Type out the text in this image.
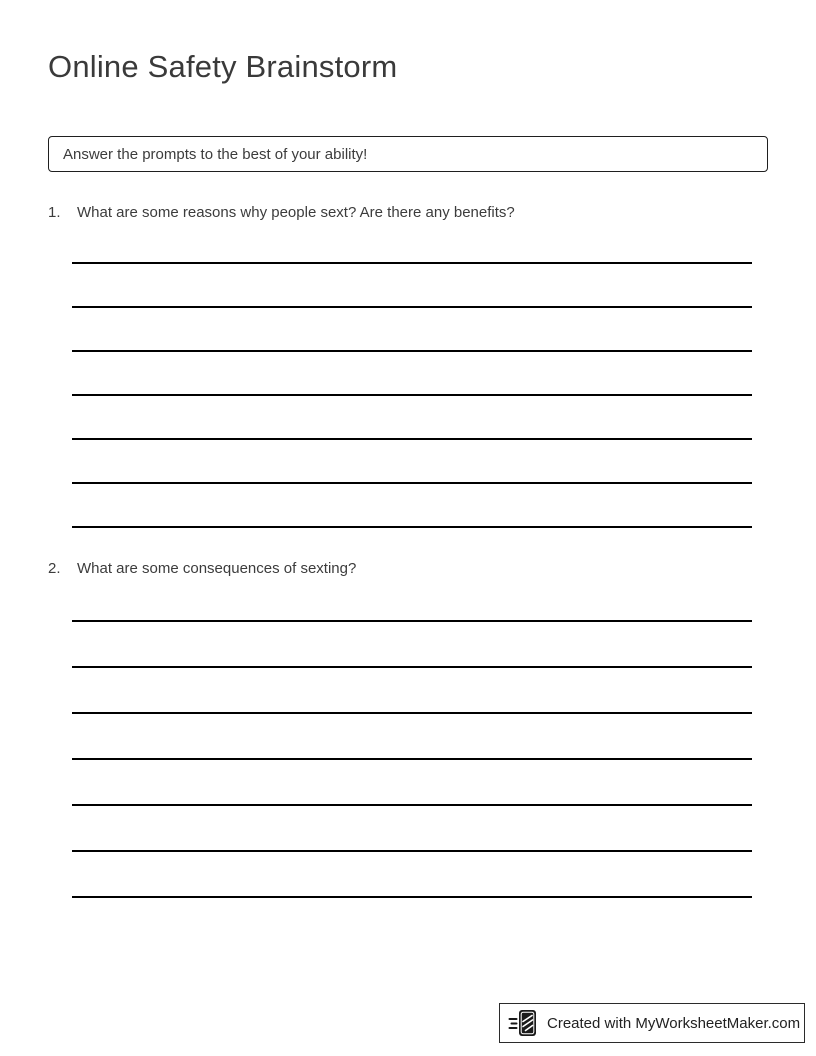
Online Safety Brainstorm
Answer the prompts to the best of your ability!
1.	What are some reasons why people sext? Are there any benefits?
2.	What are some consequences of sexting?
Created with MyWorksheetMaker.com
